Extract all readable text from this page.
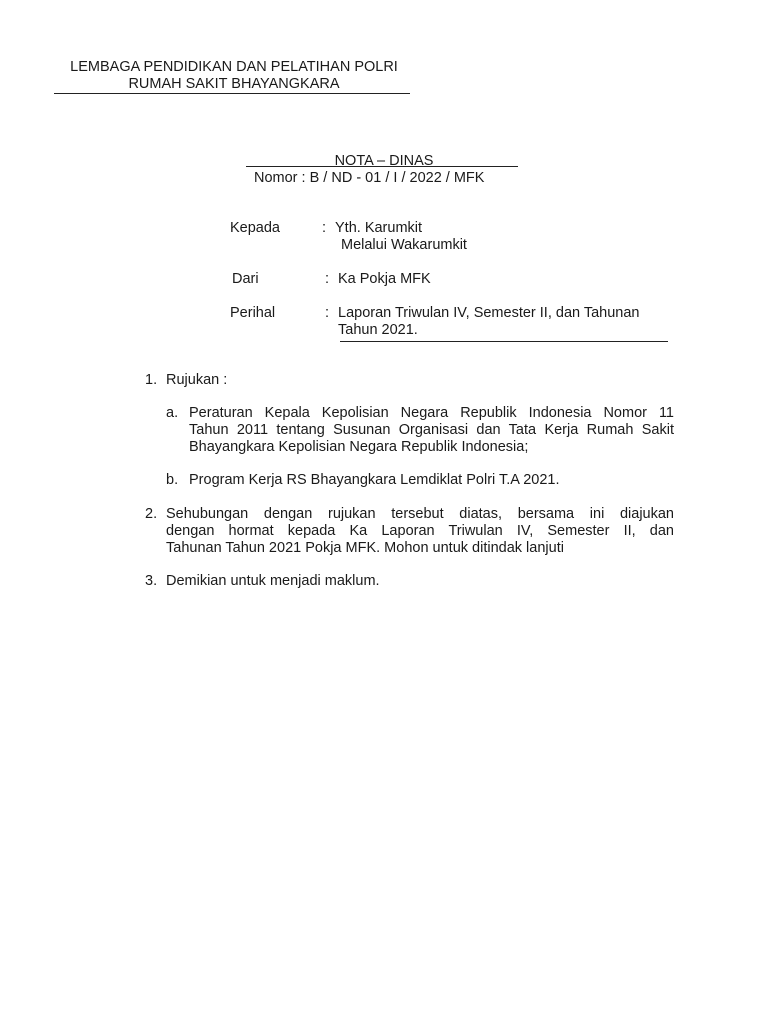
LEMBAGA PENDIDIKAN DAN PELATIHAN POLRI
RUMAH SAKIT BHAYANGKARA
NOTA – DINAS
Nomor : B / ND - 01 / I / 2022 / MFK
Kepada	: Yth. Karumkit
Melalui Wakarumkit
Dari	: Ka Pokja MFK
Perihal	: Laporan Triwulan IV, Semester II, dan Tahunan
Tahun 2021.
1. Rujukan :
a. Peraturan Kepala Kepolisian Negara Republik Indonesia Nomor 11
Tahun 2011 tentang Susunan Organisasi dan Tata Kerja Rumah Sakit
Bhayangkara Kepolisian Negara Republik Indonesia;
b. Program Kerja RS Bhayangkara Lemdiklat Polri T.A 2021.
2. Sehubungan dengan rujukan tersebut diatas, bersama ini diajukan
dengan hormat kepada Ka Laporan Triwulan IV, Semester II, dan
Tahunan Tahun 2021 Pokja MFK. Mohon untuk ditindak lanjuti
3. Demikian untuk menjadi maklum.
